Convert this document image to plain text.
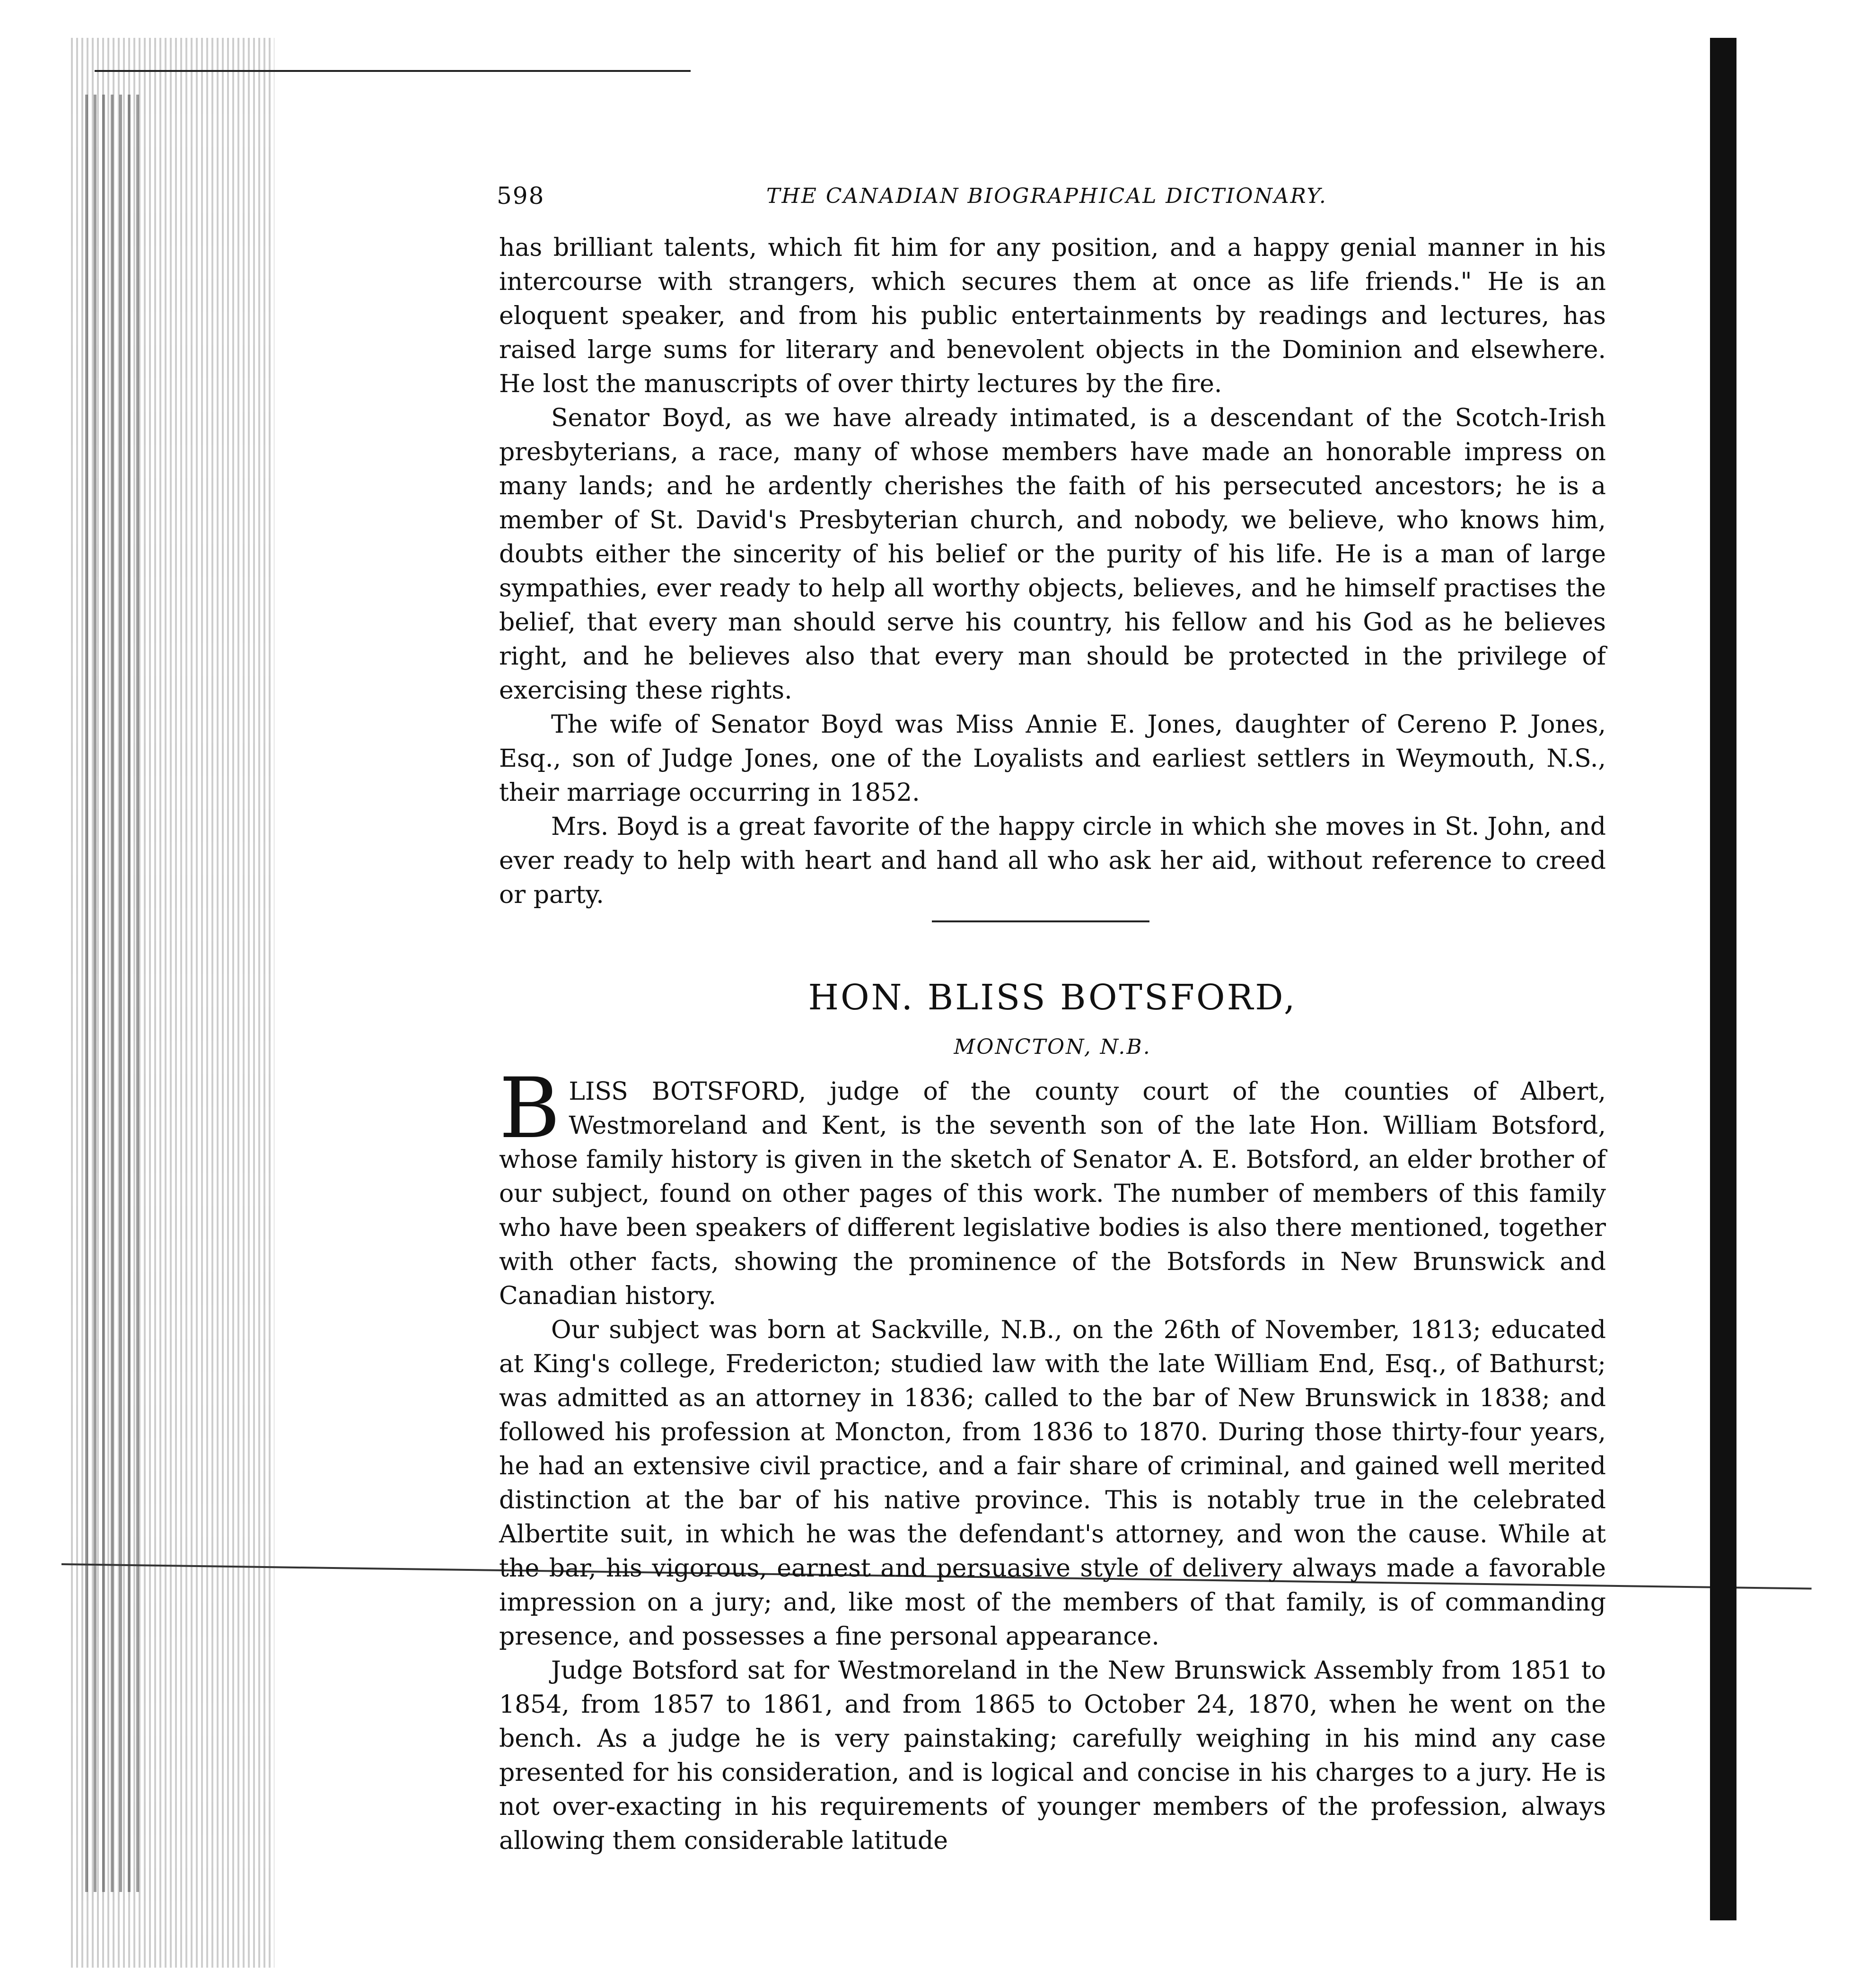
598	THE CANADIAN BIOGRAPHICAL DICTIONARY.

has brilliant talents, which fit him for any position, and a happy genial manner in his intercourse with strangers, which secures them at once as life friends." He is an eloquent speaker, and from his public entertainments by readings and lectures, has raised large sums for literary and benevolent objects in the Dominion and elsewhere. He lost the manuscripts of over thirty lectures by the fire.

Senator Boyd, as we have already intimated, is a descendant of the Scotch-Irish presbyterians, a race, many of whose members have made an honorable impress on many lands; and he ardently cherishes the faith of his persecuted ancestors; he is a member of St. David's Presbyterian church, and nobody, we believe, who knows him, doubts either the sincerity of his belief or the purity of his life. He is a man of large sympathies, ever ready to help all worthy objects, believes, and he himself practises the belief, that every man should serve his country, his fellow and his God as he believes right, and he believes also that every man should be protected in the privilege of exercising these rights.

The wife of Senator Boyd was Miss Annie E. Jones, daughter of Cereno P. Jones, Esq., son of Judge Jones, one of the Loyalists and earliest settlers in Weymouth, N.S., their marriage occurring in 1852.

Mrs. Boyd is a great favorite of the happy circle in which she moves in St. John, and ever ready to help with heart and hand all who ask her aid, without reference to creed or party.

HON. BLISS BOTSFORD,
MONCTON, N.B.

BLISS BOTSFORD, judge of the county court of the counties of Albert, Westmoreland and Kent, is the seventh son of the late Hon. William Botsford, whose family history is given in the sketch of Senator A. E. Botsford, an elder brother of our subject, found on other pages of this work. The number of members of this family who have been speakers of different legislative bodies is also there mentioned, together with other facts, showing the prominence of the Botsfords in New Brunswick and Canadian history.

Our subject was born at Sackville, N.B., on the 26th of November, 1813; educated at King's college, Fredericton; studied law with the late William End, Esq., of Bathurst; was admitted as an attorney in 1836; called to the bar of New Brunswick in 1838; and followed his profession at Moncton, from 1836 to 1870. During those thirty-four years, he had an extensive civil practice, and a fair share of criminal, and gained well merited distinction at the bar of his native province. This is notably true in the celebrated Albertite suit, in which he was the defendant's attorney, and won the cause. While at the bar, his vigorous, earnest and persuasive style of delivery always made a favorable impression on a jury; and, like most of the members of that family, is of commanding presence, and possesses a fine personal appearance.

Judge Botsford sat for Westmoreland in the New Brunswick Assembly from 1851 to 1854, from 1857 to 1861, and from 1865 to October 24, 1870, when he went on the bench. As a judge he is very painstaking; carefully weighing in his mind any case presented for his consideration, and is logical and concise in his charges to a jury. He is not over-exacting in his requirements of younger members of the profession, always allowing them considerable latitude
